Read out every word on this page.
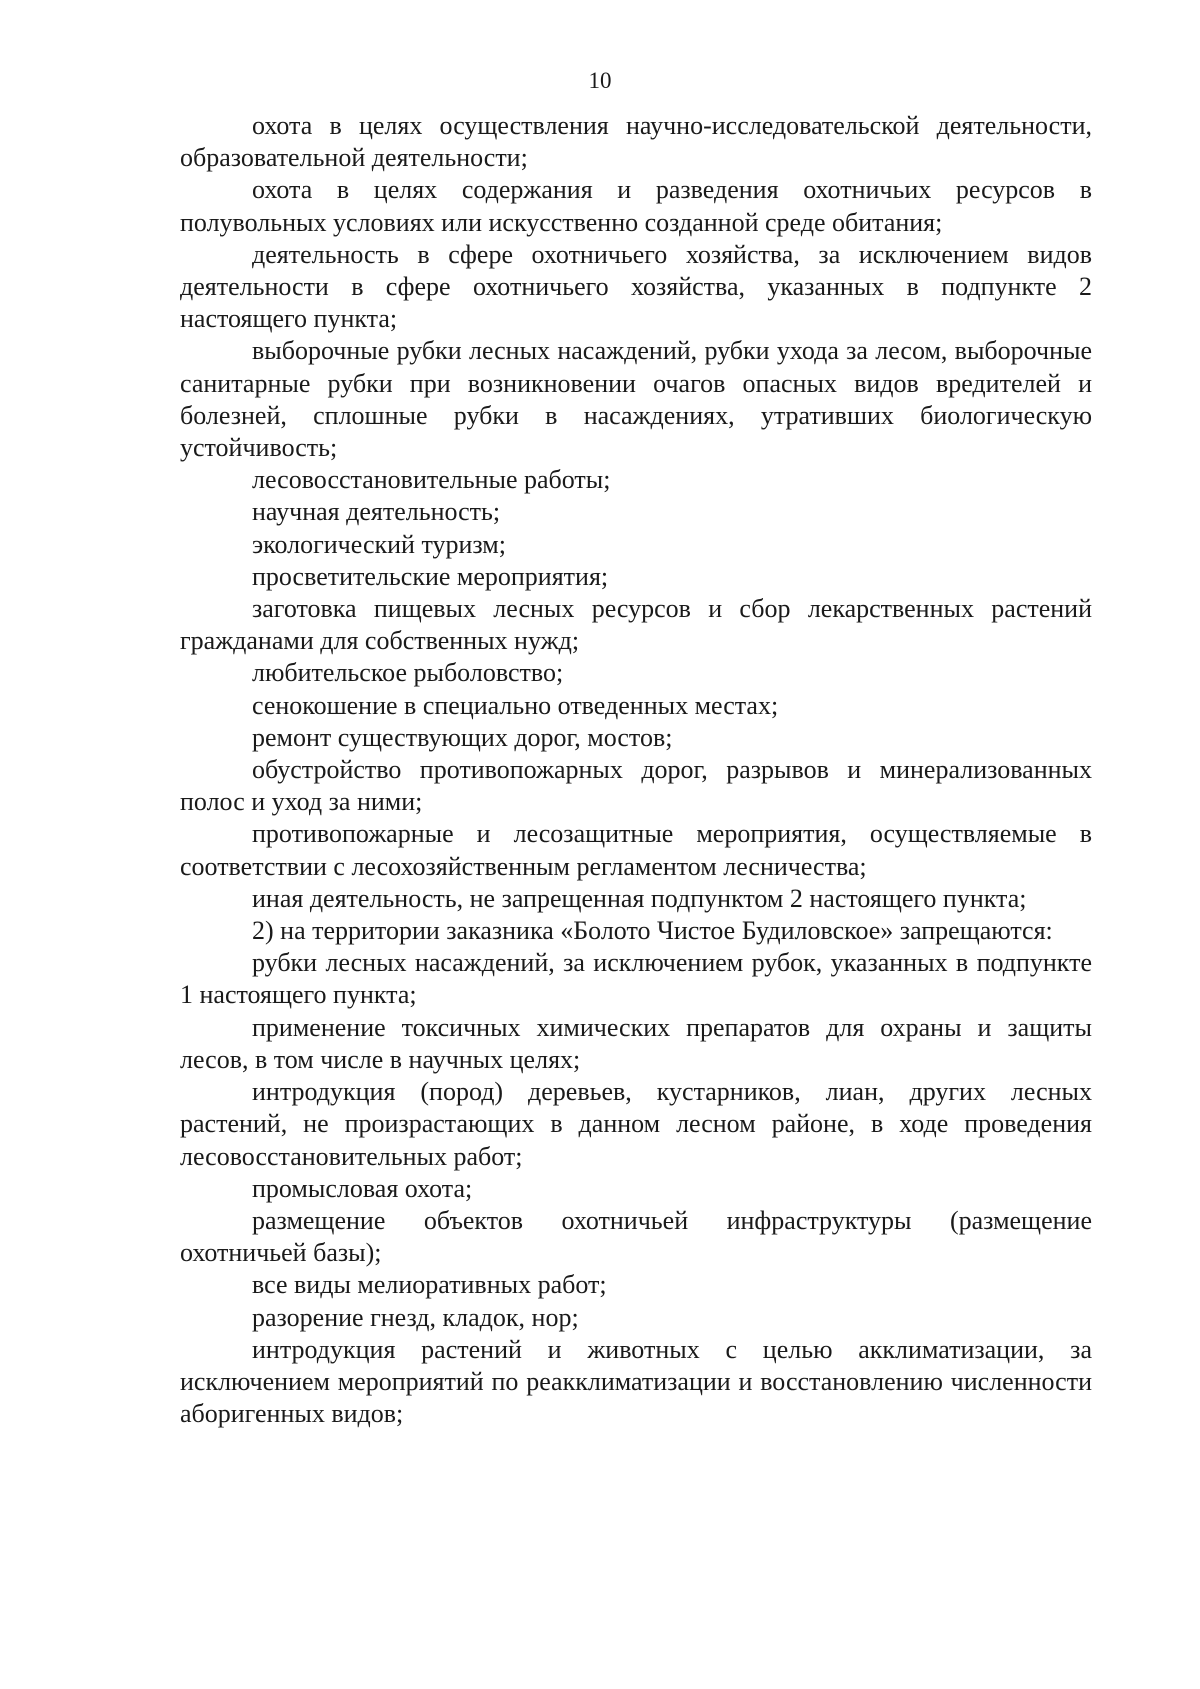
10

охота в целях осуществления научно-исследовательской деятельности, образовательной деятельности;

охота в целях содержания и разведения охотничьих ресурсов в полувольных условиях или искусственно созданной среде обитания;

деятельность в сфере охотничьего хозяйства, за исключением видов деятельности в сфере охотничьего хозяйства, указанных в подпункте 2 настоящего пункта;

выборочные рубки лесных насаждений, рубки ухода за лесом, выборочные санитарные рубки при возникновении очагов опасных видов вредителей и болезней, сплошные рубки в насаждениях, утративших биологическую устойчивость;

лесовосстановительные работы;

научная деятельность;

экологический туризм;

просветительские мероприятия;

заготовка пищевых лесных ресурсов и сбор лекарственных растений гражданами для собственных нужд;

любительское рыболовство;

сенокошение в специально отведенных местах;

ремонт существующих дорог, мостов;

обустройство противопожарных дорог, разрывов и минерализованных полос и уход за ними;

противопожарные и лесозащитные мероприятия, осуществляемые в соответствии с лесохозяйственным регламентом лесничества;

иная деятельность, не запрещенная подпунктом 2 настоящего пункта;

2) на территории заказника «Болото Чистое Будиловское» запрещаются:

рубки лесных насаждений, за исключением рубок, указанных в подпункте 1 настоящего пункта;

применение токсичных химических препаратов для охраны и защиты лесов, в том числе в научных целях;

интродукция (пород) деревьев, кустарников, лиан, других лесных растений, не произрастающих в данном лесном районе, в ходе проведения лесовосстановительных работ;

промысловая охота;

размещение объектов охотничьей инфраструктуры (размещение охотничьей базы);

все виды мелиоративных работ;

разорение гнезд, кладок, нор;

интродукция растений и животных с целью акклиматизации, за исключением мероприятий по реакклиматизации и восстановлению численности аборигенных видов;
